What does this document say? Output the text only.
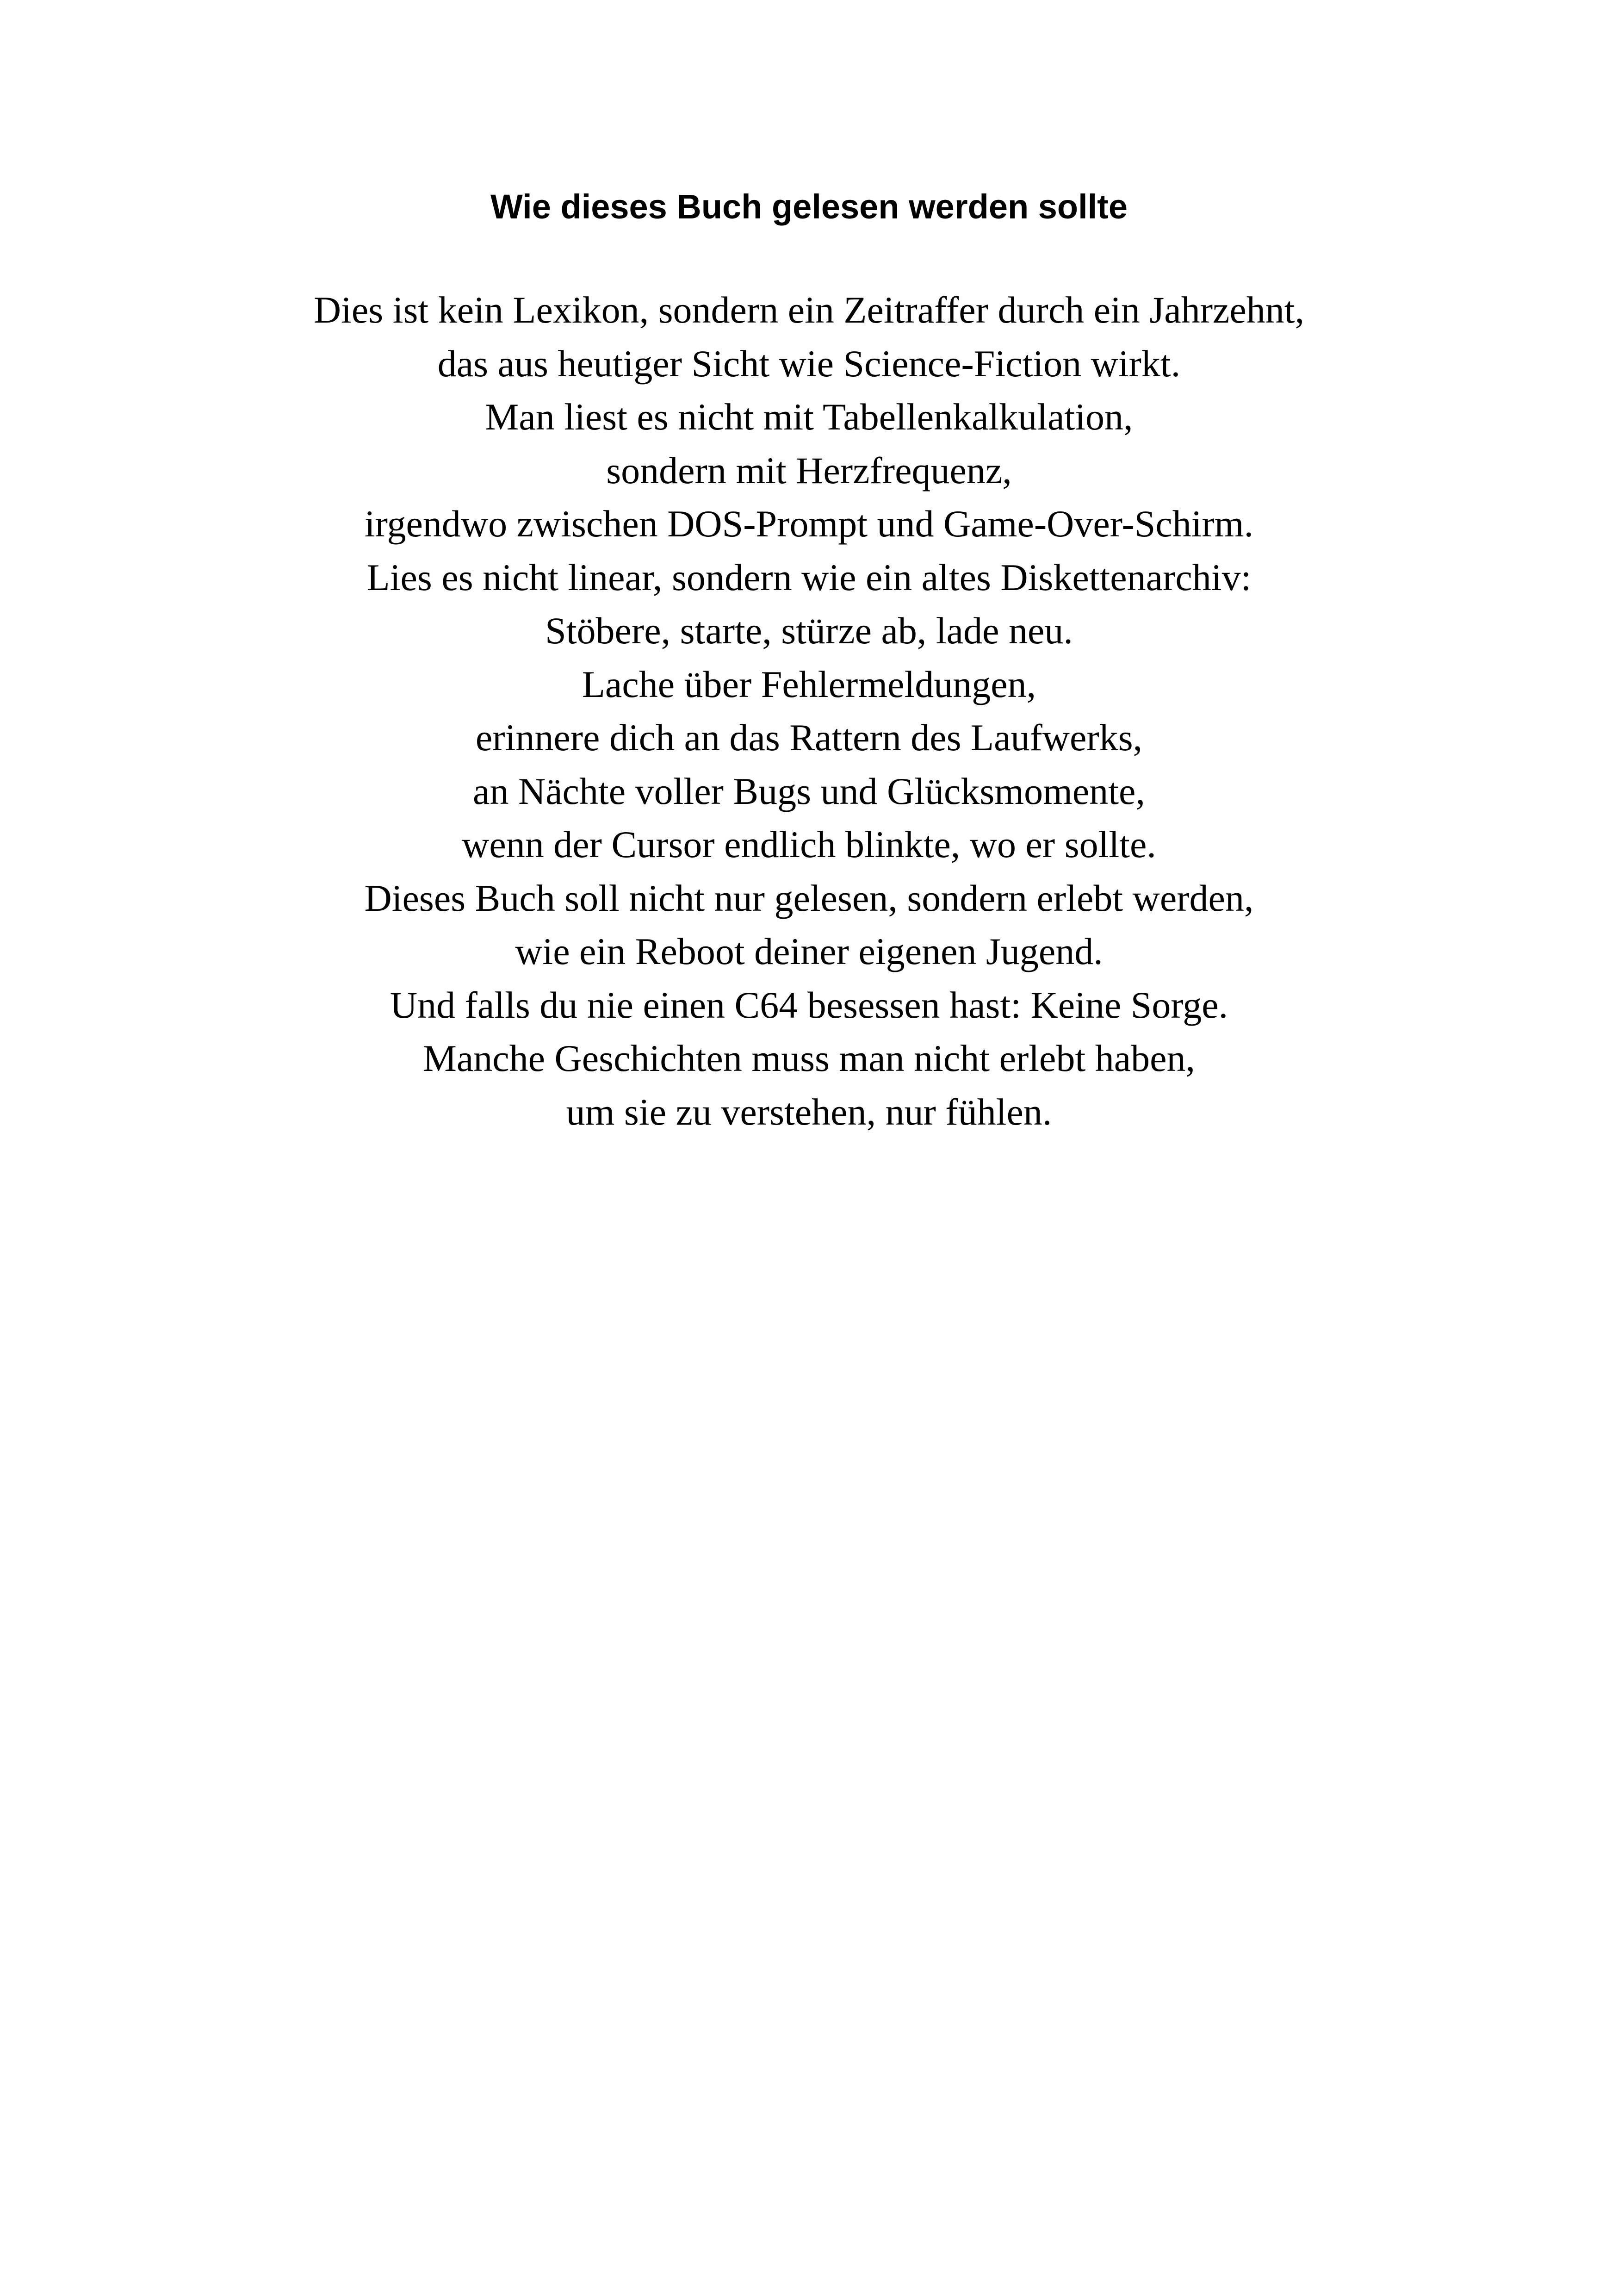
Wie dieses Buch gelesen werden sollte
Dies ist kein Lexikon, sondern ein Zeitraffer durch ein Jahrzehnt,
das aus heutiger Sicht wie Science-Fiction wirkt.
Man liest es nicht mit Tabellenkalkulation,
sondern mit Herzfrequenz,
irgendwo zwischen DOS-Prompt und Game-Over-Schirm.
Lies es nicht linear, sondern wie ein altes Diskettenarchiv:
Stöbere, starte, stürze ab, lade neu.
Lache über Fehlermeldungen,
erinnere dich an das Rattern des Laufwerks,
an Nächte voller Bugs und Glücksmomente,
wenn der Cursor endlich blinkte, wo er sollte.
Dieses Buch soll nicht nur gelesen, sondern erlebt werden,
wie ein Reboot deiner eigenen Jugend.
Und falls du nie einen C64 besessen hast: Keine Sorge.
Manche Geschichten muss man nicht erlebt haben,
um sie zu verstehen, nur fühlen.
